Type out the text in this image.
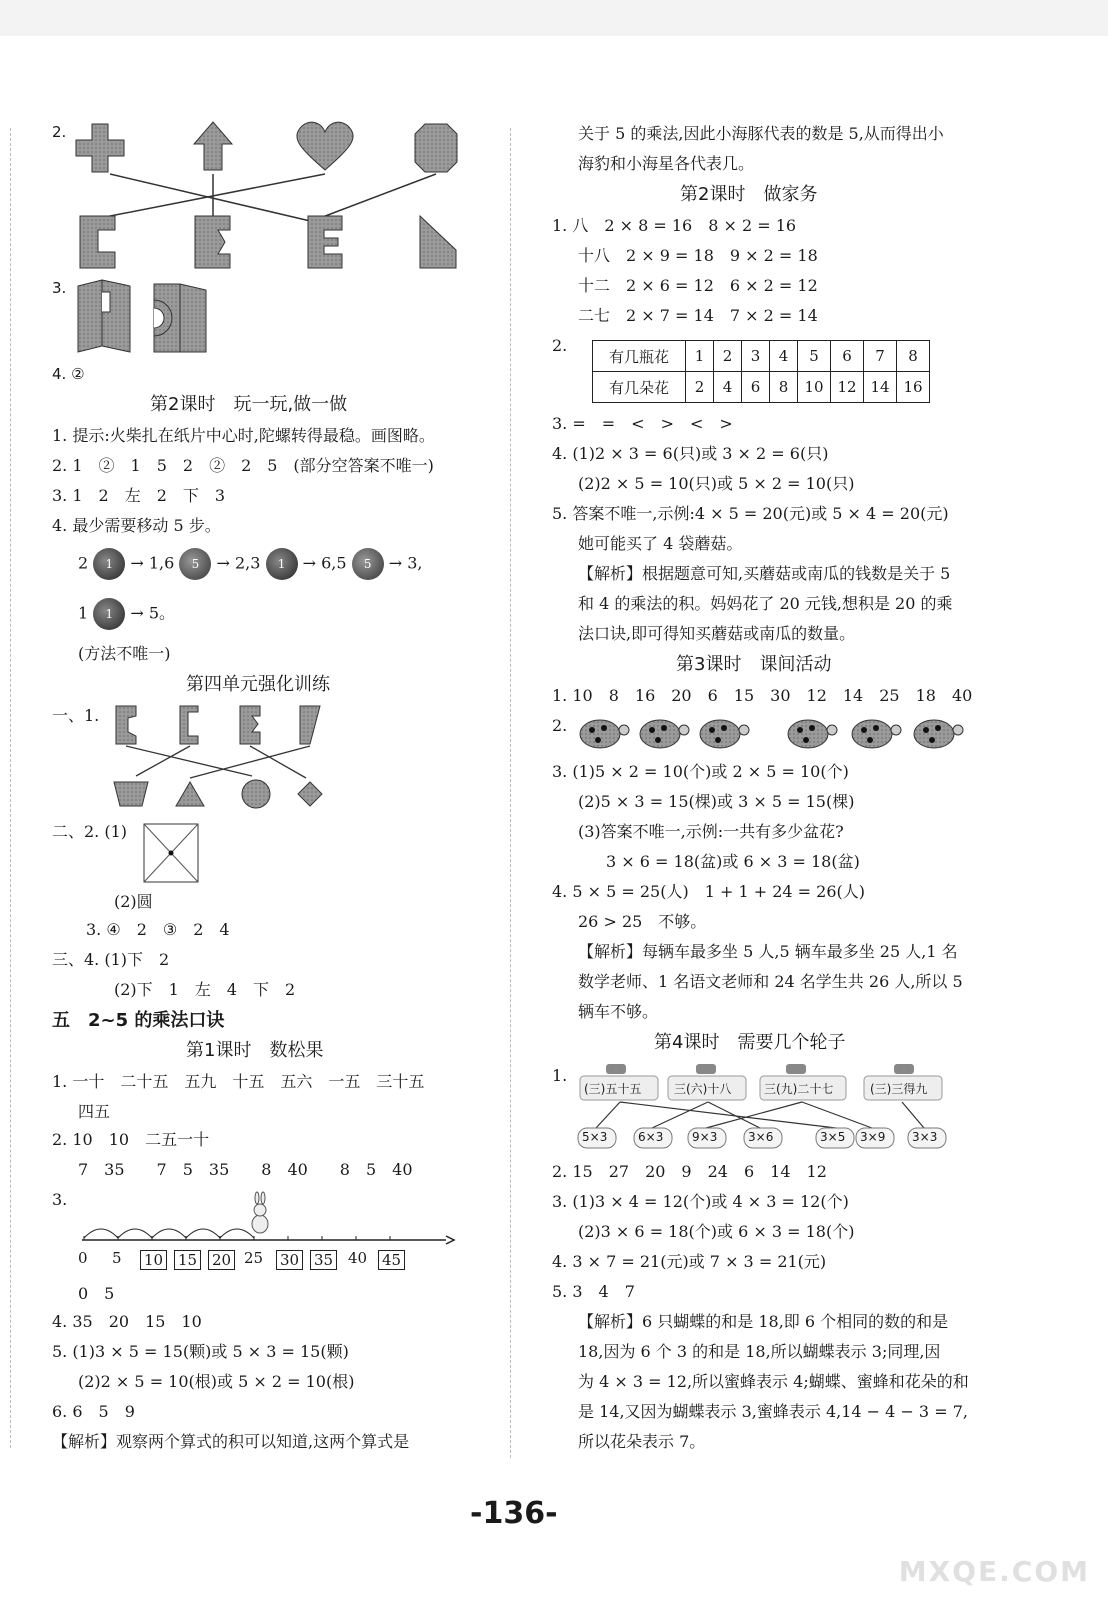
2.
3.
4. ②
第2课时　玩一玩,做一做
1. 提示:火柴扎在纸片中心时,陀螺转得最稳。画图略。
2. 1　②　1　5　2　②　2　5　(部分空答案不唯一)
3. 1　2　左　2　下　3
4. 最少需要移动 5 步。
2 1 → 1,6 5 → 2,3 1 → 6,5 5 → 3,
1 1 → 5。
(方法不唯一)
第四单元强化训练
一、1.
二、2. (1)
(2)圆
3. ④　2　③　2　4
三、4. (1)下　2
(2)下　1　左　4　下　2
五　2~5 的乘法口诀
第1课时　数松果
1. 一十　二十五　五九　十五　五六　一五　三十五
四五
2. 10　10　二五一十
7　35　　7　5　35　　8　40　　8　5　40
3.
0 5 10 15 20 25 30 35 40 45
0　5
4. 35　20　15　10
5. (1)3 × 5 = 15(颗)或 5 × 3 = 15(颗)
(2)2 × 5 = 10(根)或 5 × 2 = 10(根)
6. 6　5　9
【解析】观察两个算式的积可以知道,这两个算式是
关于 5 的乘法,因此小海豚代表的数是 5,从而得出小
海豹和小海星各代表几。
第2课时　做家务
1. 八　2 × 8 = 16　8 × 2 = 16
十八　2 × 9 = 18　9 × 2 = 18
十二　2 × 6 = 12　6 × 2 = 12
二七　2 × 7 = 14　7 × 2 = 14
2.
有几瓶花	1	2	3	4	5	6	7	8
有几朵花	2	4	6	8	10	12	14	16
3. =　=　<　>　<　>
4. (1)2 × 3 = 6(只)或 3 × 2 = 6(只)
(2)2 × 5 = 10(只)或 5 × 2 = 10(只)
5. 答案不唯一,示例:4 × 5 = 20(元)或 5 × 4 = 20(元)
她可能买了 4 袋蘑菇。
【解析】根据题意可知,买蘑菇或南瓜的钱数是关于 5
和 4 的乘法的积。妈妈花了 20 元钱,想积是 20 的乘
法口诀,即可得知买蘑菇或南瓜的数量。
第3课时　课间活动
1. 10　8　16　20　6　15　30　12　14　25　18　40
2.
3. (1)5 × 2 = 10(个)或 2 × 5 = 10(个)
(2)5 × 3 = 15(棵)或 3 × 5 = 15(棵)
(3)答案不唯一,示例:一共有多少盆花?
3 × 6 = 18(盆)或 6 × 3 = 18(盆)
4. 5 × 5 = 25(人)　1 + 1 + 24 = 26(人)
26 > 25　不够。
【解析】每辆车最多坐 5 人,5 辆车最多坐 25 人,1 名
数学老师、1 名语文老师和 24 名学生共 26 人,所以 5
辆车不够。
第4课时　需要几个轮子
1.
(三)五十五	三(六)十八	三(九)二十七	(三)三得九
5×3	6×3 9×3	3×6	3×5 3×9 3×3
2. 15　27　20　9　24　6　14　12
3. (1)3 × 4 = 12(个)或 4 × 3 = 12(个)
(2)3 × 6 = 18(个)或 6 × 3 = 18(个)
4. 3 × 7 = 21(元)或 7 × 3 = 21(元)
5. 3　4　7
【解析】6 只蝴蝶的和是 18,即 6 个相同的数的和是
18,因为 6 个 3 的和是 18,所以蝴蝶表示 3;同理,因
为 4 × 3 = 12,所以蜜蜂表示 4;蝴蝶、蜜蜂和花朵的和
是 14,又因为蝴蝶表示 3,蜜蜂表示 4,14 − 4 − 3 = 7,
所以花朵表示 7。
-136-
MXQE.COM
